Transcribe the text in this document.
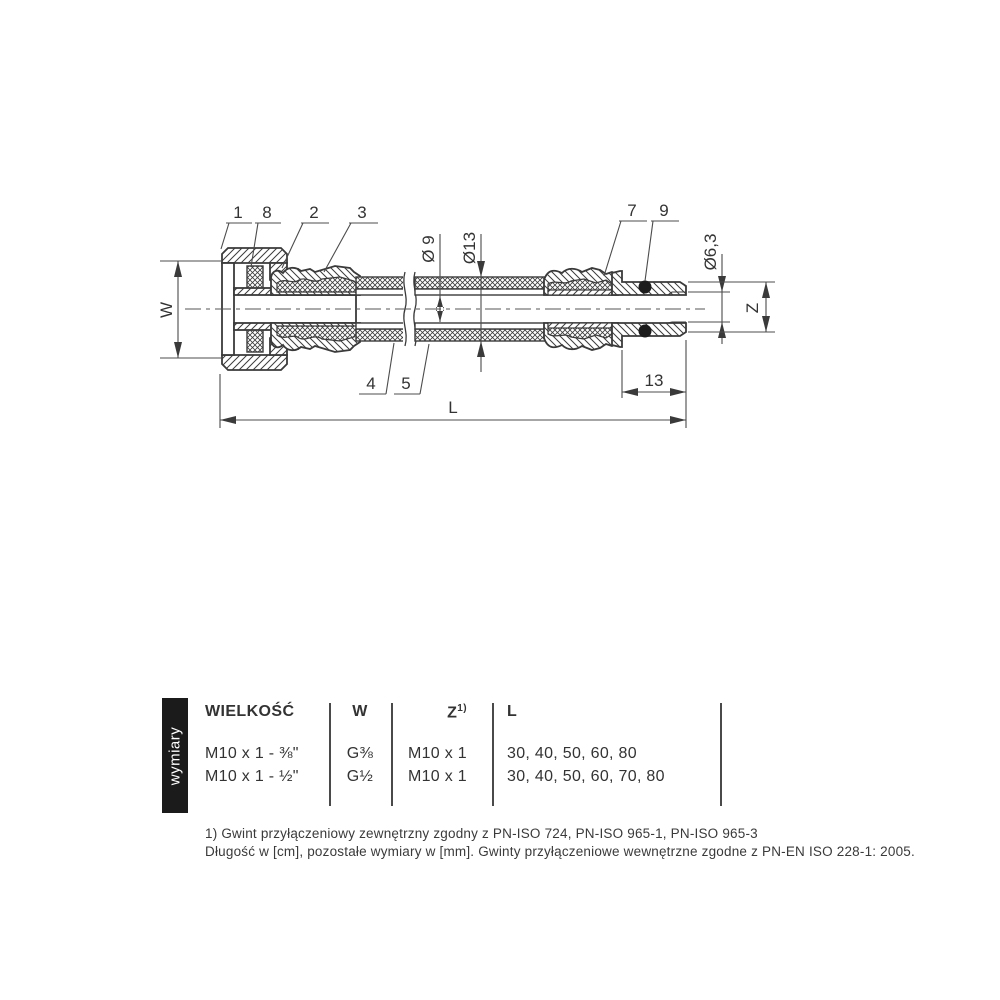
W
Ø 9 Ø13	Ø6,3
Z
13
L
1 8 2 3	7 9
4 5
wymiary
WIELKOŚĆ	W	$Z^{1)}$	L
M10 x 1 - ⅜"	G⅜	M10 x 1	30, 40, 50, 60, 80
M10 x 1 - ½"	G½	M10 x 1	30, 40, 50, 60, 70, 80
1) Gwint przyłączeniowy zewnętrzny zgodny z PN-ISO 724, PN-ISO 965-1, PN-ISO 965-3
Długość w [cm], pozostałe wymiary w [mm]. Gwinty przyłączeniowe wewnętrzne zgodne z PN-EN ISO 228-1: 2005.
